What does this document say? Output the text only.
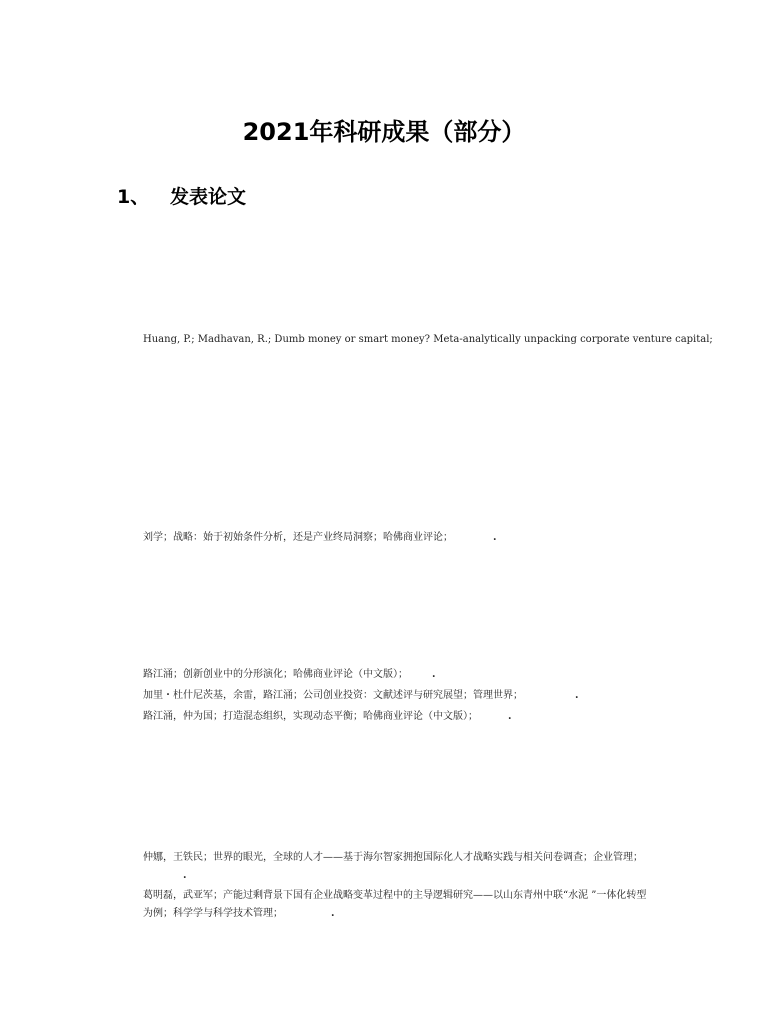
2021年科研成果（部分）
1、 发表论文
Huang, P.; Madhavan, R.; Dumb money or smart money? Meta-analytically unpacking corporate venture capital;
刘学；战略：始于初始条件分析，还是产业终局洞察；哈佛商业评论；	.
路江涌；创新创业中的分形演化；哈佛商业评论（中文版）； .
加里・杜什尼茨基，余雷，路江涌；公司创业投资：文献述评与研究展望；管理世界；	.
路江涌，仲为国；打造混态组织，实现动态平衡；哈佛商业评论（中文版）；	.
仲娜，王铁民；世界的眼光，全球的人才——基于海尔智家拥抱国际化人才战略实践与相关问卷调查；企业管理；.
葛明磊，武亚军；产能过剩背景下国有企业战略变革过程中的主导逻辑研究——以山东青州中联“水泥 ”一体化转型为例；科学学与科学技术管理；	.
